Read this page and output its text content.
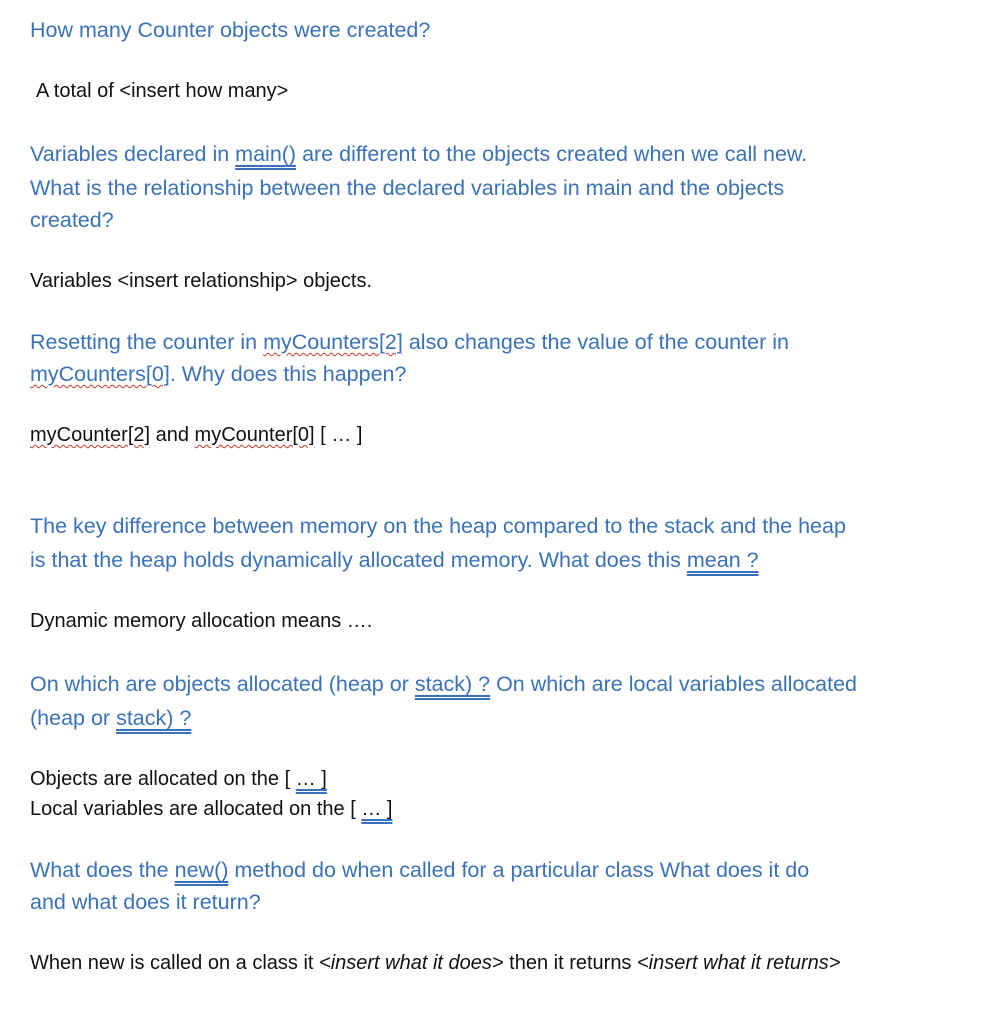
How many Counter objects were created?
A total of <insert how many>
Variables declared in main() are different to the objects created when we call new.
What is the relationship between the declared variables in main and the objects
created?
Variables <insert relationship> objects.
Resetting the counter in myCounters[2] also changes the value of the counter in
myCounters[0]. Why does this happen?
myCounter[2] and myCounter[0] [ … ]
The key difference between memory on the heap compared to the stack and the heap
is that the heap holds dynamically allocated memory. What does this mean ?
Dynamic memory allocation means ….
On which are objects allocated (heap or stack) ? On which are local variables allocated
(heap or stack) ?
Objects are allocated on the [ … ]
Local variables are allocated on the [ … ]
What does the new() method do when called for a particular class What does it do
and what does it return?
When new is called on a class it <insert what it does> then it returns <insert what it returns>
